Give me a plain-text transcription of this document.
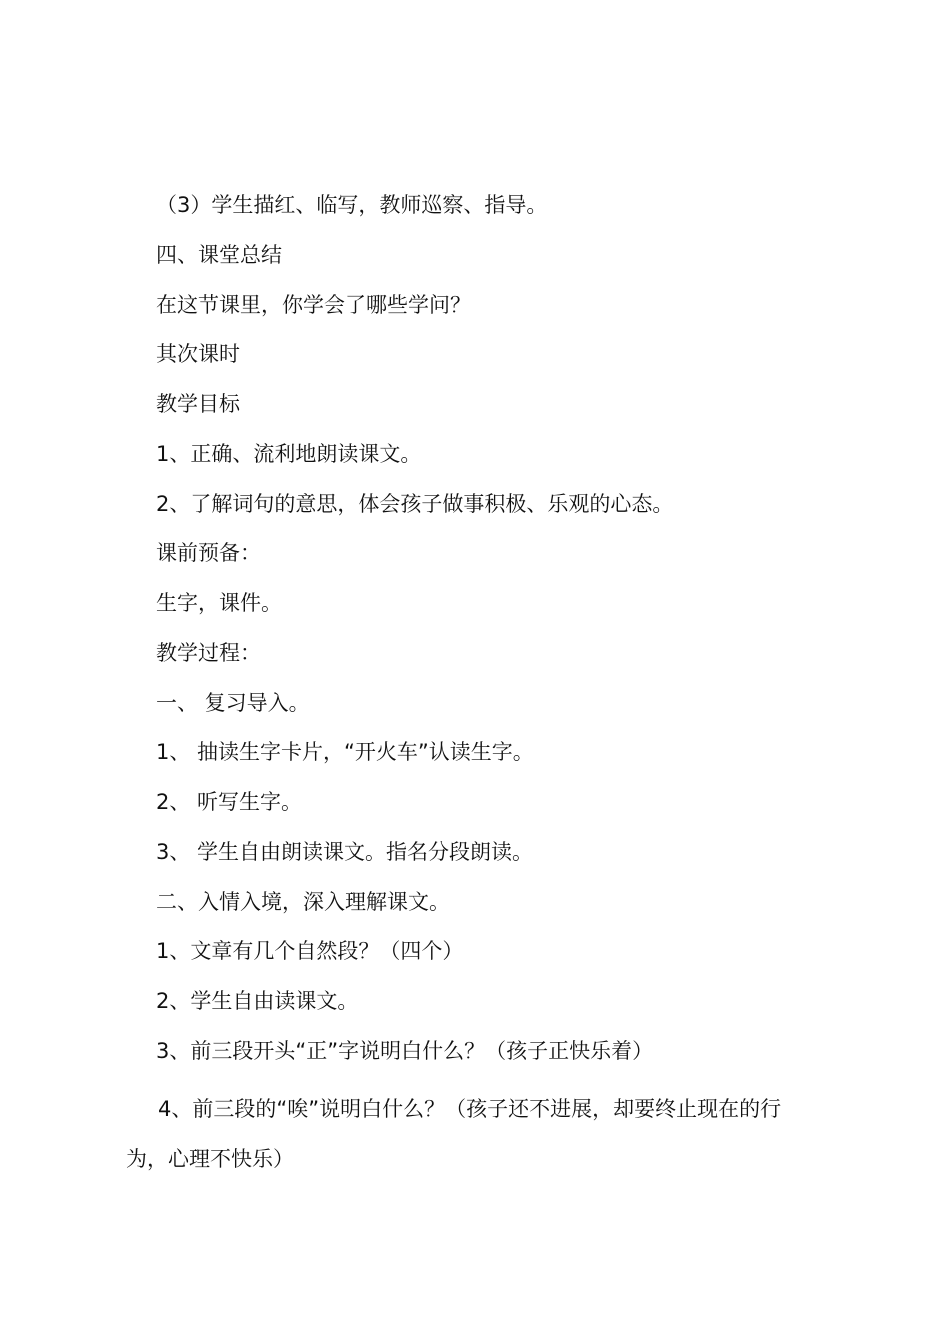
（3）学生描红、临写，教师巡察、指导。
四、课堂总结
在这节课里，你学会了哪些学问？
其次课时
教学目标
1、正确、流利地朗读课文。
2、了解词句的意思，体会孩子做事积极、乐观的心态。
课前预备：
生字，课件。
教学过程：
一、 复习导入。
1、 抽读生字卡片，“开火车”认读生字。
2、 听写生字。
3、 学生自由朗读课文。指名分段朗读。
二、入情入境，深入理解课文。
1、文章有几个自然段？（四个）
2、学生自由读课文。
3、前三段开头“正”字说明白什么？（孩子正快乐着）
4、前三段的“唉”说明白什么？（孩子还不进展，却要终止现在的行
为，心理不快乐）
